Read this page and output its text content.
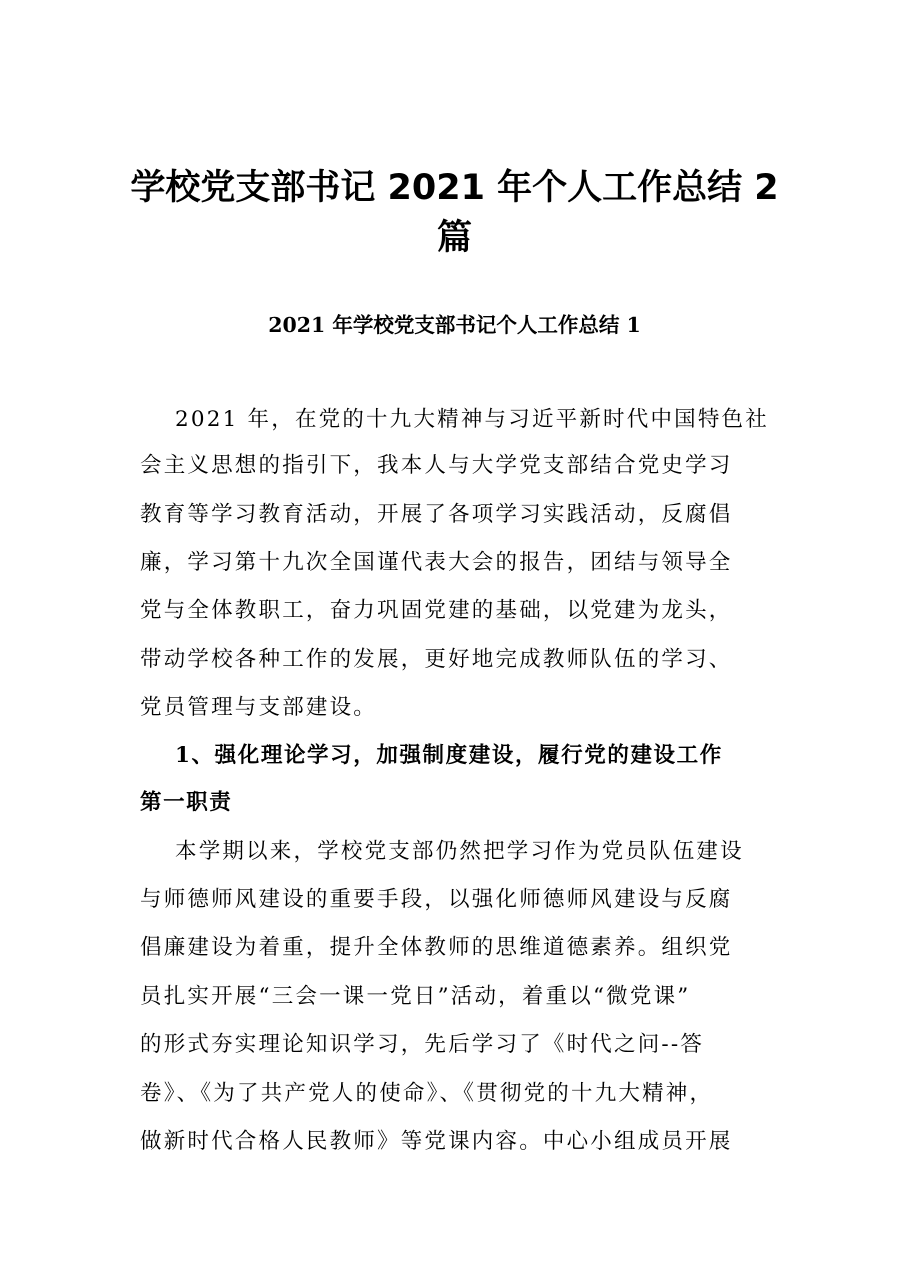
学校党支部书记 2021 年个人工作总结 2
篇
2021 年学校党支部书记个人工作总结 1
2021 年，在党的十九大精神与习近平新时代中国特色社
会主义思想的指引下，我本人与大学党支部结合党史学习
教育等学习教育活动，开展了各项学习实践活动，反腐倡
廉，学习第十九次全国谨代表大会的报告，团结与领导全
党与全体教职工，奋力巩固党建的基础，以党建为龙头，
带动学校各种工作的发展，更好地完成教师队伍的学习、
党员管理与支部建设。
1、强化理论学习，加强制度建设，履行党的建设工作
第一职责
本学期以来，学校党支部仍然把学习作为党员队伍建设
与师德师风建设的重要手段，以强化师德师风建设与反腐
倡廉建设为着重，提升全体教师的思维道德素养。组织党
员扎实开展“三会一课一党日”活动，着重以“微党课”
的形式夯实理论知识学习，先后学习了《时代之问--答
卷》、《为了共产党人的使命》、《贯彻党的十九大精神，
做新时代合格人民教师》等党课内容。中心小组成员开展
